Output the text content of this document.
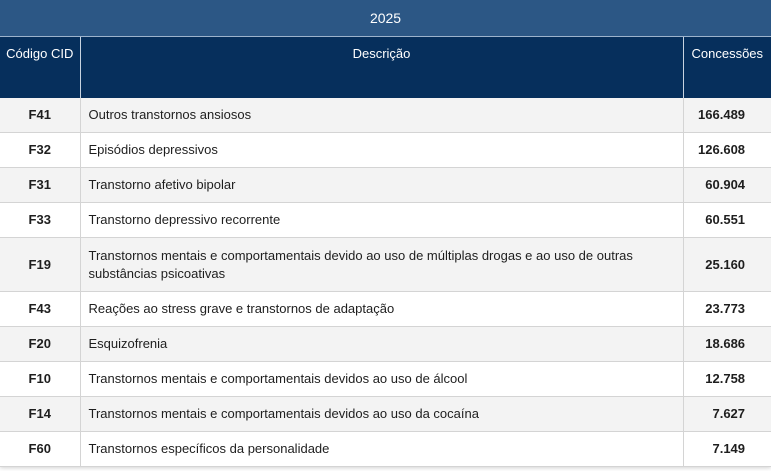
2025		
Código CID	Descrição	Concessões
F41	Outros transtornos ansiosos	166.489
F32	Episódios depressivos	126.608
F31	Transtorno afetivo bipolar	60.904
F33	Transtorno depressivo recorrente	60.551
F19	Transtornos mentais e comportamentais devido ao uso de múltiplas drogas e ao uso de outras substâncias psicoativas	25.160
F43	Reações ao stress grave e transtornos de adaptação	23.773
F20	Esquizofrenia	18.686
F10	Transtornos mentais e comportamentais devidos ao uso de álcool	12.758
F14	Transtornos mentais e comportamentais devidos ao uso da cocaína	7.627
F60	Transtornos específicos da personalidade	7.149
